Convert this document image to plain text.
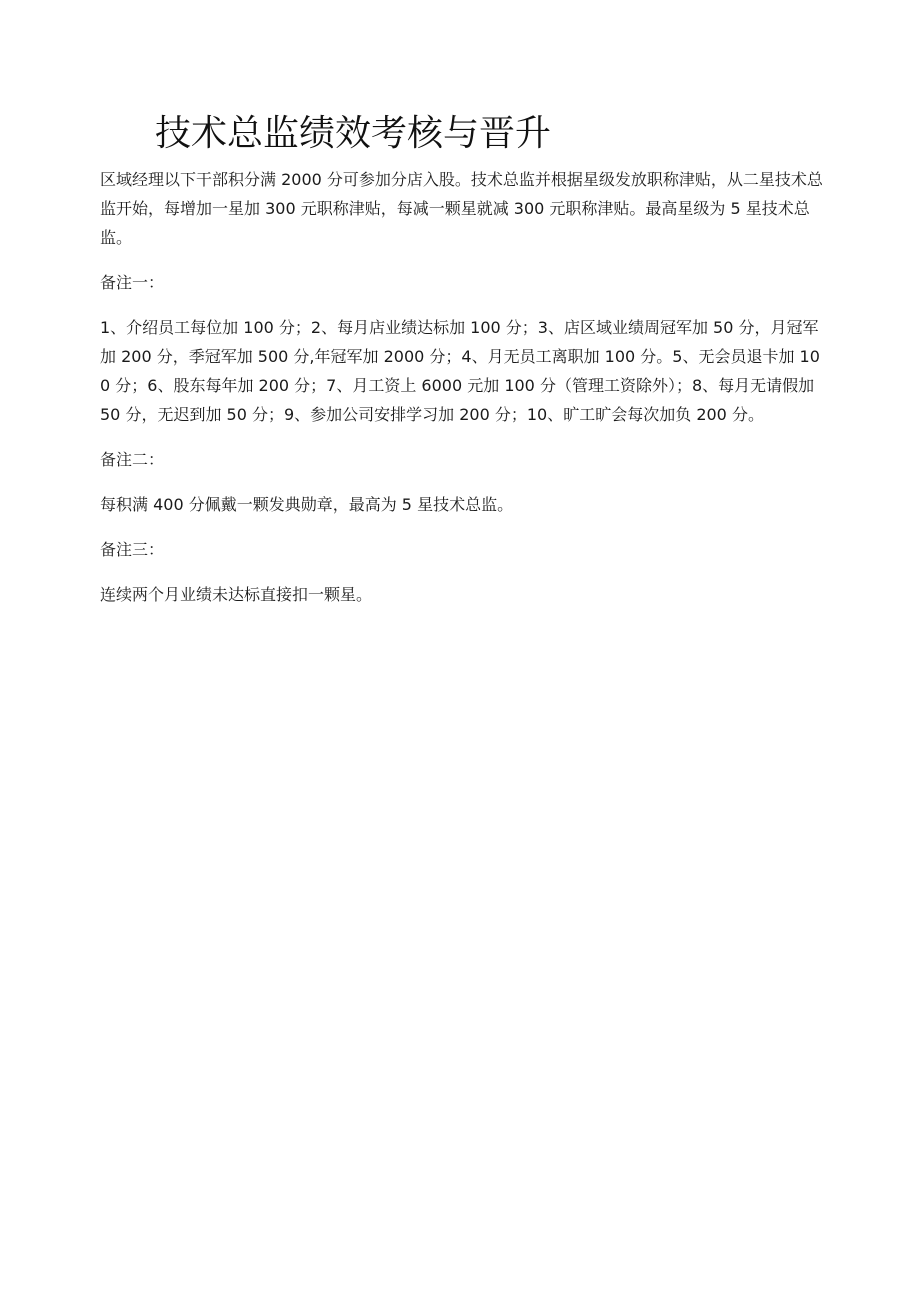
技术总监绩效考核与晋升

区域经理以下干部积分满 2000 分可参加分店入股。技术总监并根据星级发放职称津贴，从二星技术总监开始，每增加一星加 300 元职称津贴，每减一颗星就减 300 元职称津贴。最高星级为 5 星技术总监。

备注一：

1、介绍员工每位加 100 分；2、每月店业绩达标加 100 分；3、店区域业绩周冠军加 50 分，月冠军加 200 分，季冠军加 500 分,年冠军加 2000 分；4、月无员工离职加 100 分。5、无会员退卡加 100 分；6、股东每年加 200 分；7、月工资上 6000 元加 100 分（管理工资除外）；8、每月无请假加 50 分，无迟到加 50 分；9、参加公司安排学习加 200 分；10、旷工旷会每次加负 200 分。

备注二：

每积满 400 分佩戴一颗发典勋章，最高为 5 星技术总监。

备注三：

连续两个月业绩未达标直接扣一颗星。
